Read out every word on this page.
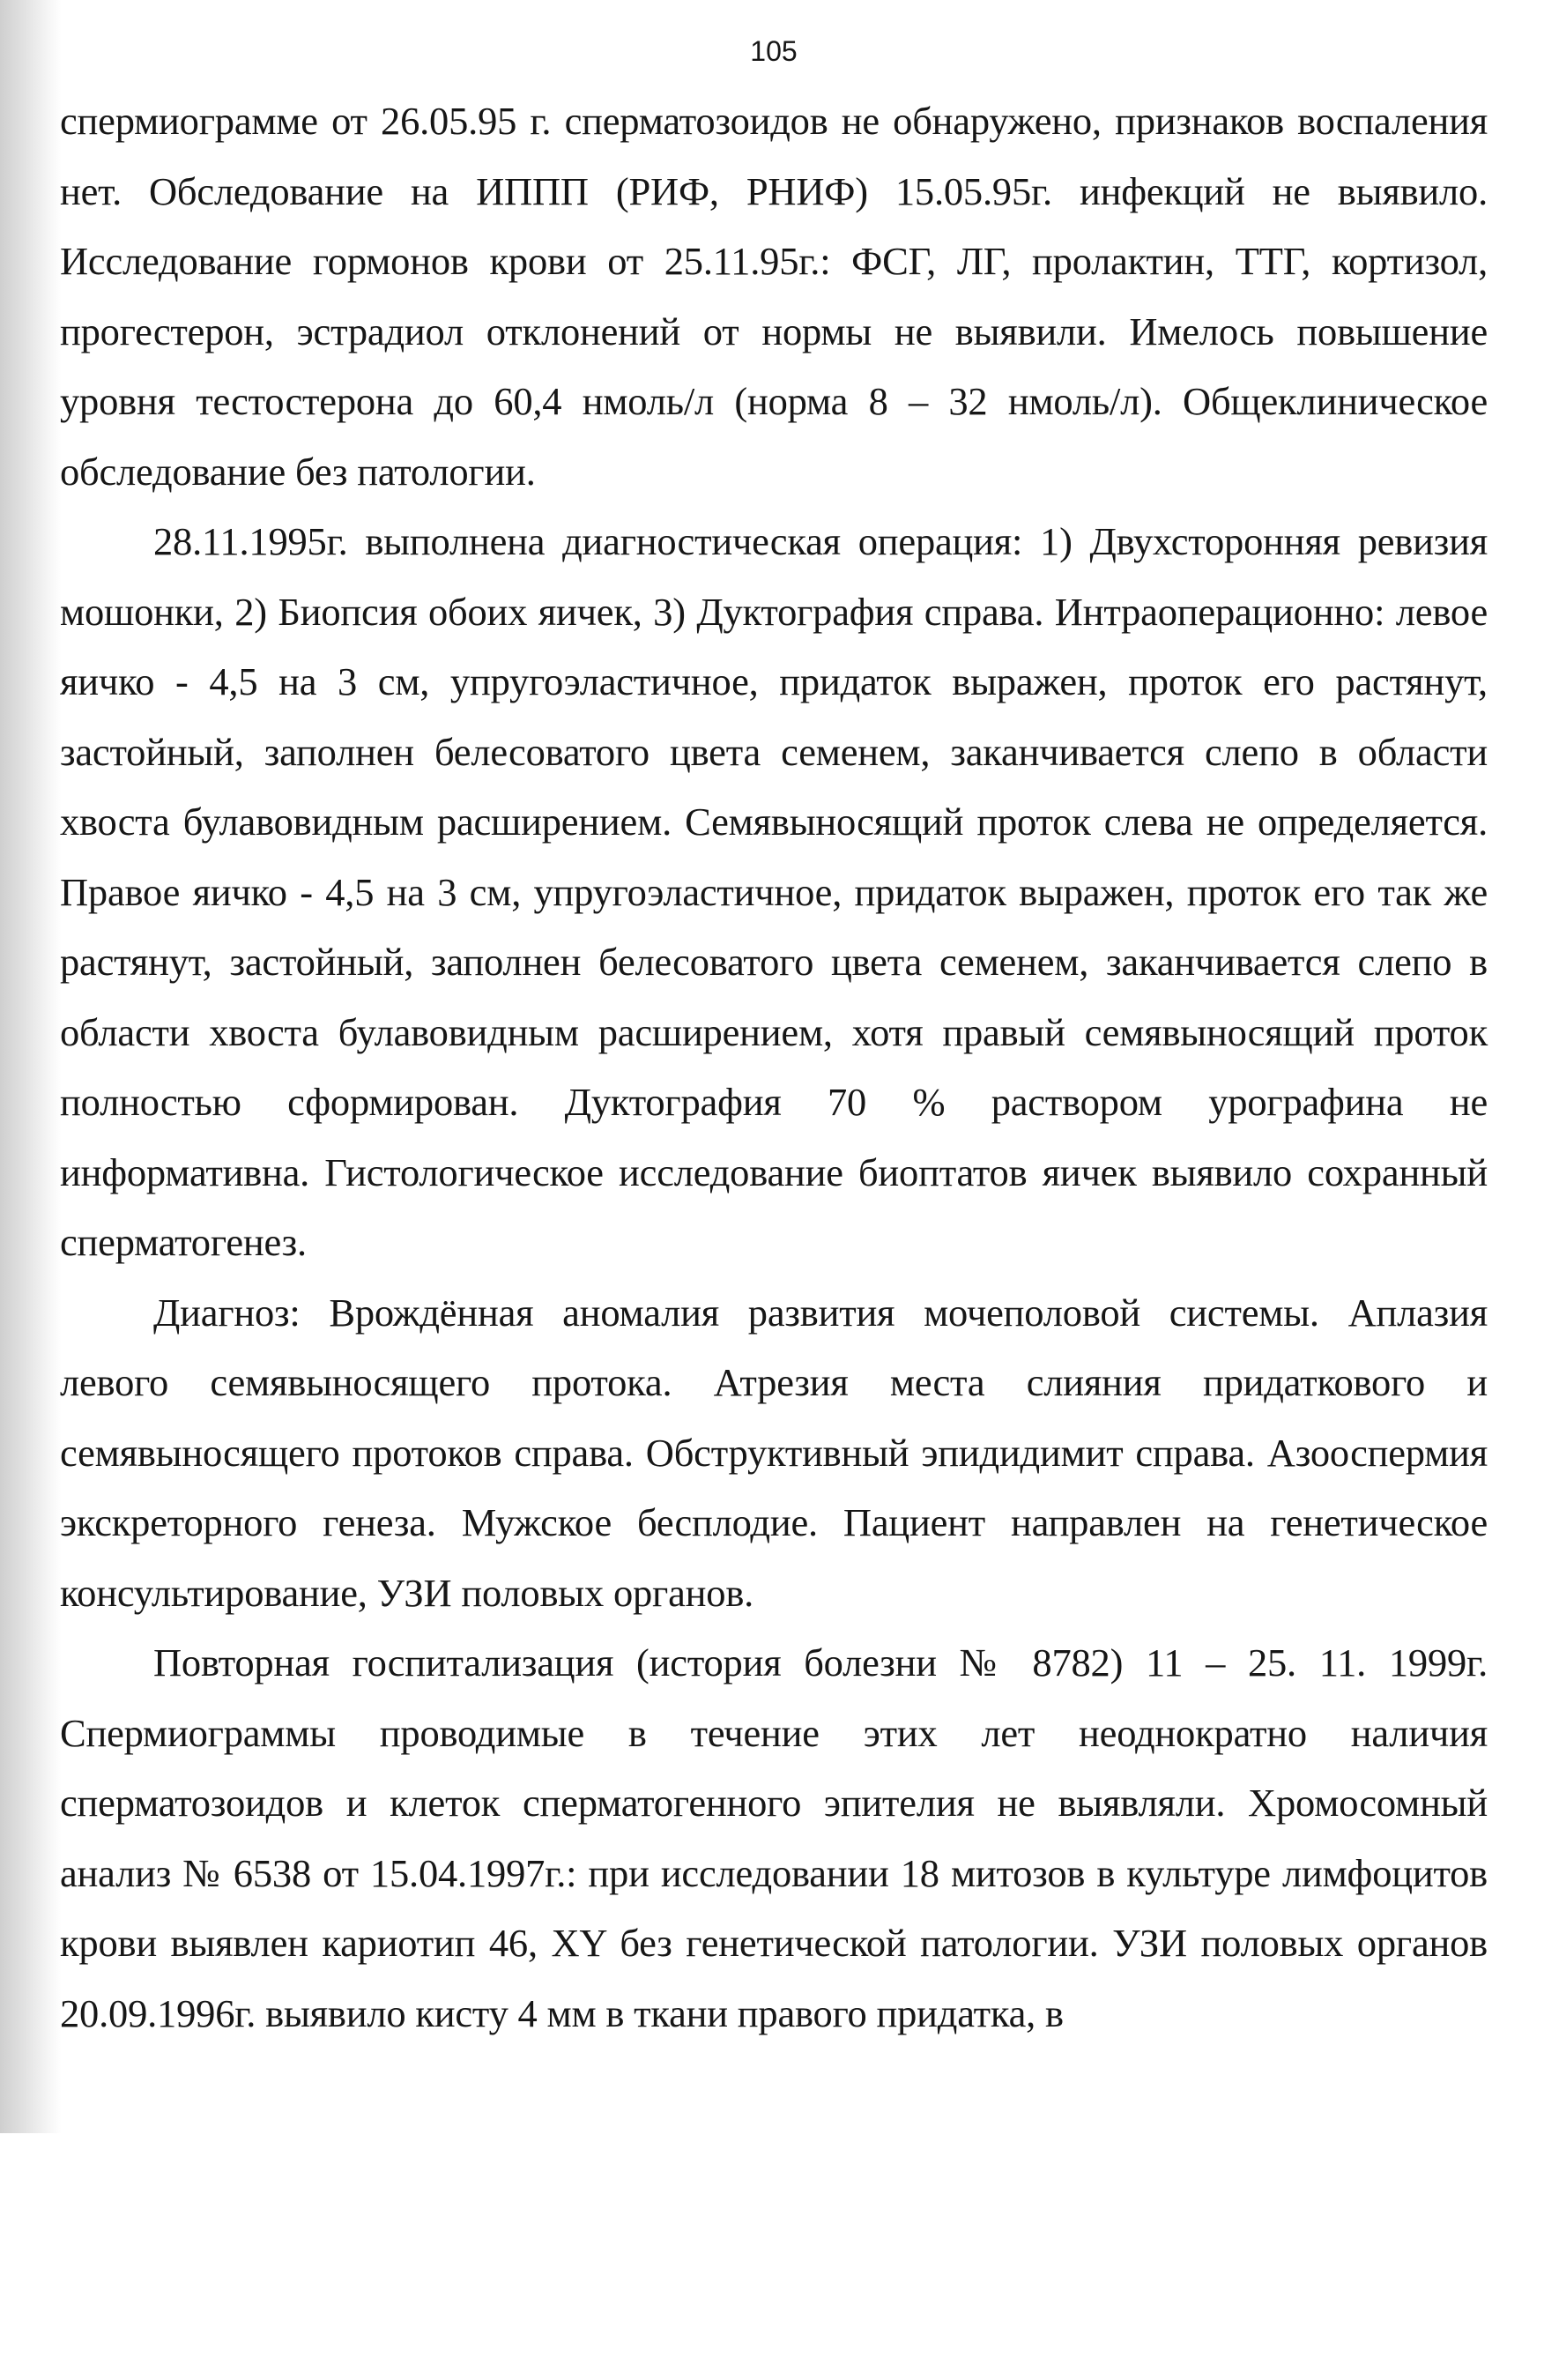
105

спермиограмме от 26.05.95 г. сперматозоидов не обнаружено, признаков воспаления нет. Обследование на ИППП (РИФ, РНИФ) 15.05.95г. инфекций не выявило. Исследование гормонов крови от 25.11.95г.: ФСГ, ЛГ, пролактин, ТТГ, кортизол, прогестерон, эстрадиол отклонений от нормы не выявили. Имелось повышение уровня тестостерона до 60,4 нмоль/л (норма 8 – 32 нмоль/л). Общеклиническое обследование без патологии.

28.11.1995г. выполнена диагностическая операция: 1) Двухсторонняя ревизия мошонки, 2) Биопсия обоих яичек, 3) Дуктография справа. Интраоперационно: левое яичко - 4,5 на 3 см, упругоэластичное, придаток выражен, проток его растянут, застойный, заполнен белесоватого цвета семенем, заканчивается слепо в области хвоста булавовидным расширением. Семявыносящий проток слева не определяется. Правое яичко - 4,5 на 3 см, упругоэластичное, придаток выражен, проток его так же растянут, застойный, заполнен белесоватого цвета семенем, заканчивается слепо в области хвоста булавовидным расширением, хотя правый семявыносящий проток полностью сформирован. Дуктография 70 % раствором урографина не информативна. Гистологическое исследование биоптатов яичек выявило сохранный сперматогенез.

Диагноз: Врождённая аномалия развития мочеполовой системы. Аплазия левого семявыносящего протока. Атрезия места слияния придаткового и семявыносящего протоков справа. Обструктивный эпидидимит справа. Азооспермия экскреторного генеза. Мужское бесплодие. Пациент направлен на генетическое консультирование, УЗИ половых органов.

Повторная госпитализация (история болезни № 8782) 11 – 25. 11. 1999г. Спермиограммы проводимые в течение этих лет неоднократно наличия сперматозоидов и клеток сперматогенного эпителия не выявляли. Хромосомный анализ № 6538 от 15.04.1997г.: при исследовании 18 митозов в культуре лимфоцитов крови выявлен кариотип 46, XY без генетической патологии. УЗИ половых органов 20.09.1996г. выявило кисту 4 мм в ткани правого придатка, в
